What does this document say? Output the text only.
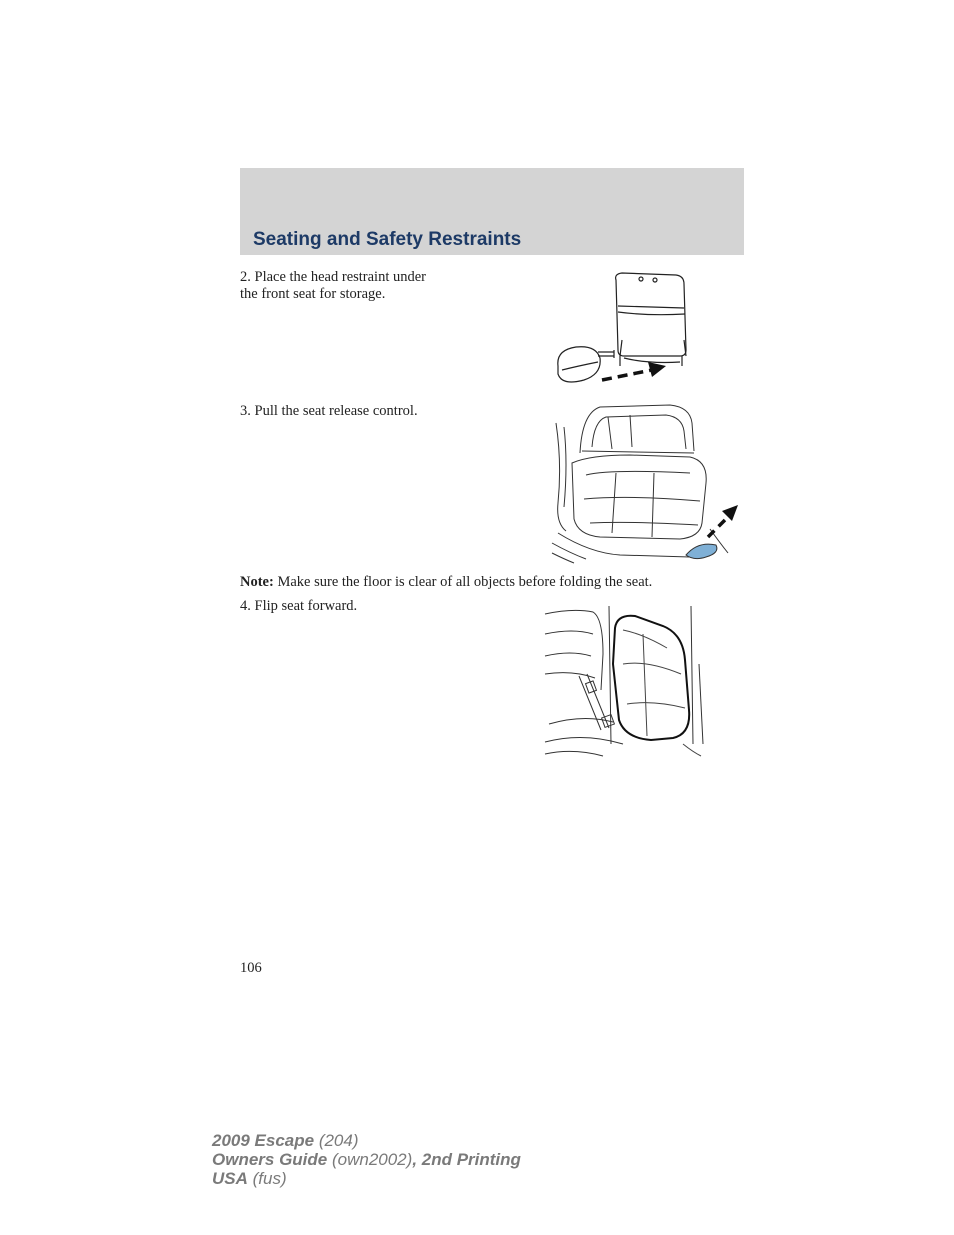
Seating and Safety Restraints
2. Place the head restraint under
the front seat for storage.
3. Pull the seat release control.
Note: Make sure the floor is clear of all objects before folding the seat.
4. Flip seat forward.
106
2009 Escape (204)
Owners Guide (own2002), 2nd Printing
USA (fus)
